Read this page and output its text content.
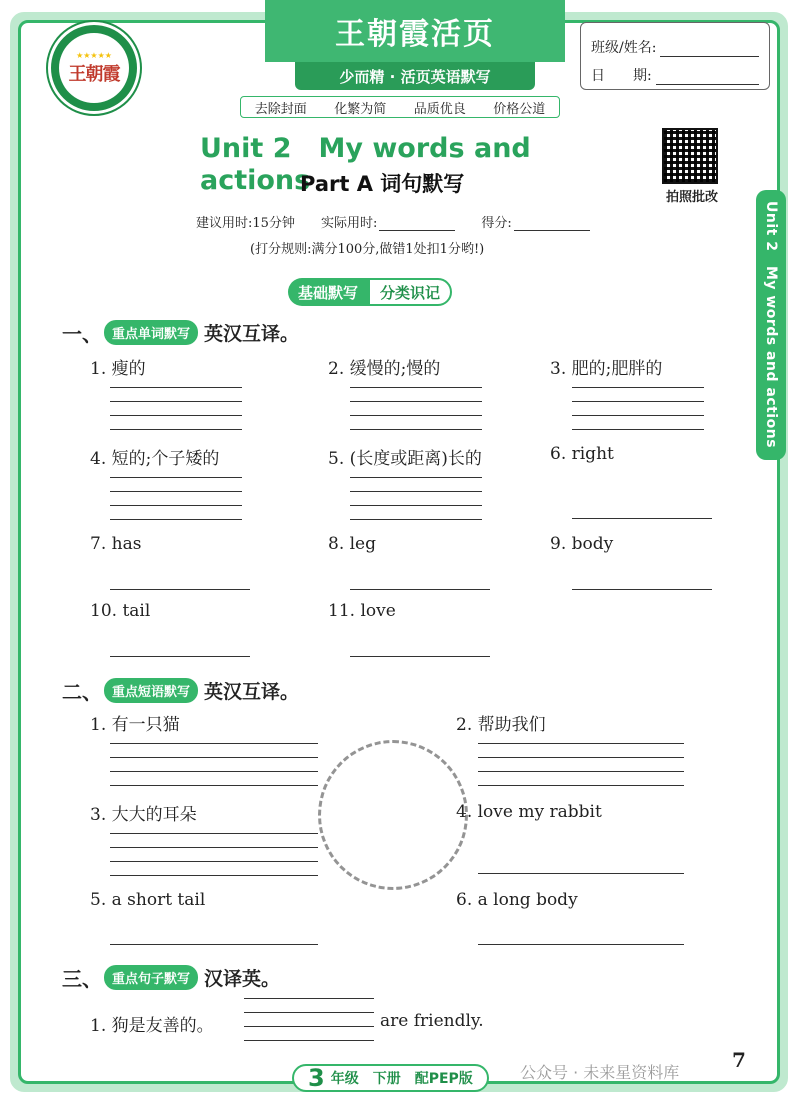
★★★★★
王朝霞
王朝霞活页
少而精 · 活页英语默写
去除封面 化繁为简 品质优良 价格公道
班级/姓名:
日　　期:
Unit 2　My words and actions
Part A 词句默写
拍照批改
建议用时:15分钟 实际用时:	得分:
(打分规则:满分100分,做错1处扣1分哟!)	Unit 2　My words and actions
基础默写	分类识记
一、 重点单词默写 英汉互译。
1. 瘦的	2. 缓慢的;慢的	3. 肥的;肥胖的
4. 短的;个子矮的	5. (长度或距离)长的	6. right
7. has	8. leg	9. body
10. tail	11. love
二、 重点短语默写 英汉互译。
1. 有一只猫	2. 帮助我们
3. 大大的耳朵	4. love my rabbit
5. a short tail	6. a long body
三、 重点句子默写 汉译英。
1. 狗是友善的。	are friendly.
3 年级　下册　配PEP版	公众号 · 未来星资料库
7
